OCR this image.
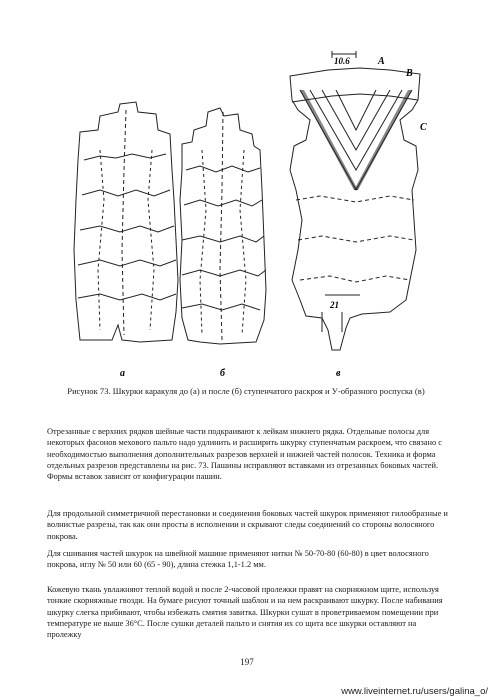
а	б	в
10.6
21
A
B
C
Рисунок 73. Шкурки каракуля до (а) и после (б) ступенчатого раскроя и У-образного роспуска (в)

Отрезанные с верхних рядков шейные части подкраивают к лейкам нижнего рядка. Отдельные полосы для некоторых фасонов мехового пальто надо удлинить и расширить шкурку ступенчатым раскроем, что связано с необходимостью выполнения дополнительных разрезов верхней и нижней частей полосок. Техника и форма отдельных разрезов представлены на рис. 73. Пашины исправляют вставками из отрезанных боковых частей. Формы вставок зависят от конфигурации пашин.

Для продольной симметричной перестановки и соединения боковых частей шкурок применяют гилообразные и волнистые разрезы, так как они просты в исполнении и скрывают следы соединений со стороны волосяного покрова.

Для сшивания частей шкурок на швейной машине применяют нитки № 50-70-80 (60-80) в цвет волосяного покрова, иглу № 50 или 60 (65 - 90), длина стежка 1,1-1.2 мм.

Кожевую ткань увлажняют теплой водой и после 2-часовой пролежки правят на скорняжном щите, используя тонкие скорняжные гвозди. На бумаге рисуют точный шаблон и на нем раскраивают шкурку. После набивания шкурку слегка прибивают, чтобы избежать смятия завитка. Шкурки сушат в проветриваемом помещении при температуре не выше 36°С. После сушки деталей пальто и снятия их со щита все шкурки оставляют на пролежку

197
www.liveinternet.ru/users/galina_o/
